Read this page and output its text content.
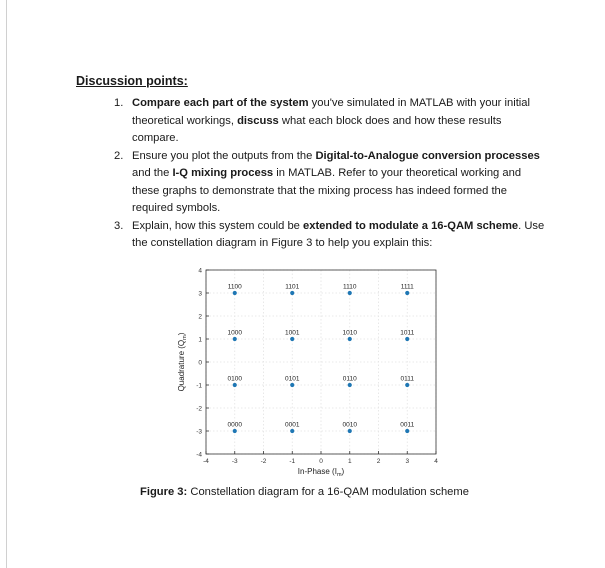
Discussion points:
1. Compare each part of the system you've simulated in MATLAB with your initial theoretical workings, discuss what each block does and how these results compare.
2. Ensure you plot the outputs from the Digital-to-Analogue conversion processes and the I-Q mixing process in MATLAB. Refer to your theoretical working and these graphs to demonstrate that the mixing process has indeed formed the required symbols.
3. Explain, how this system could be extended to modulate a 16-QAM scheme. Use the constellation diagram in Figure 3 to help you explain this:
-4	-3	-2	-1	0	1	2	3	4
-4
-3
-2
-1
0
1
2
3
4
1100	1101	1110	1111
1000	1001	1010	1011
0100	0101	0110	0111
0000	0001	0010	0011
In-Phase $(I_m)$
Quadrature $(Q_m)$
Figure 3: Constellation diagram for a 16-QAM modulation scheme
